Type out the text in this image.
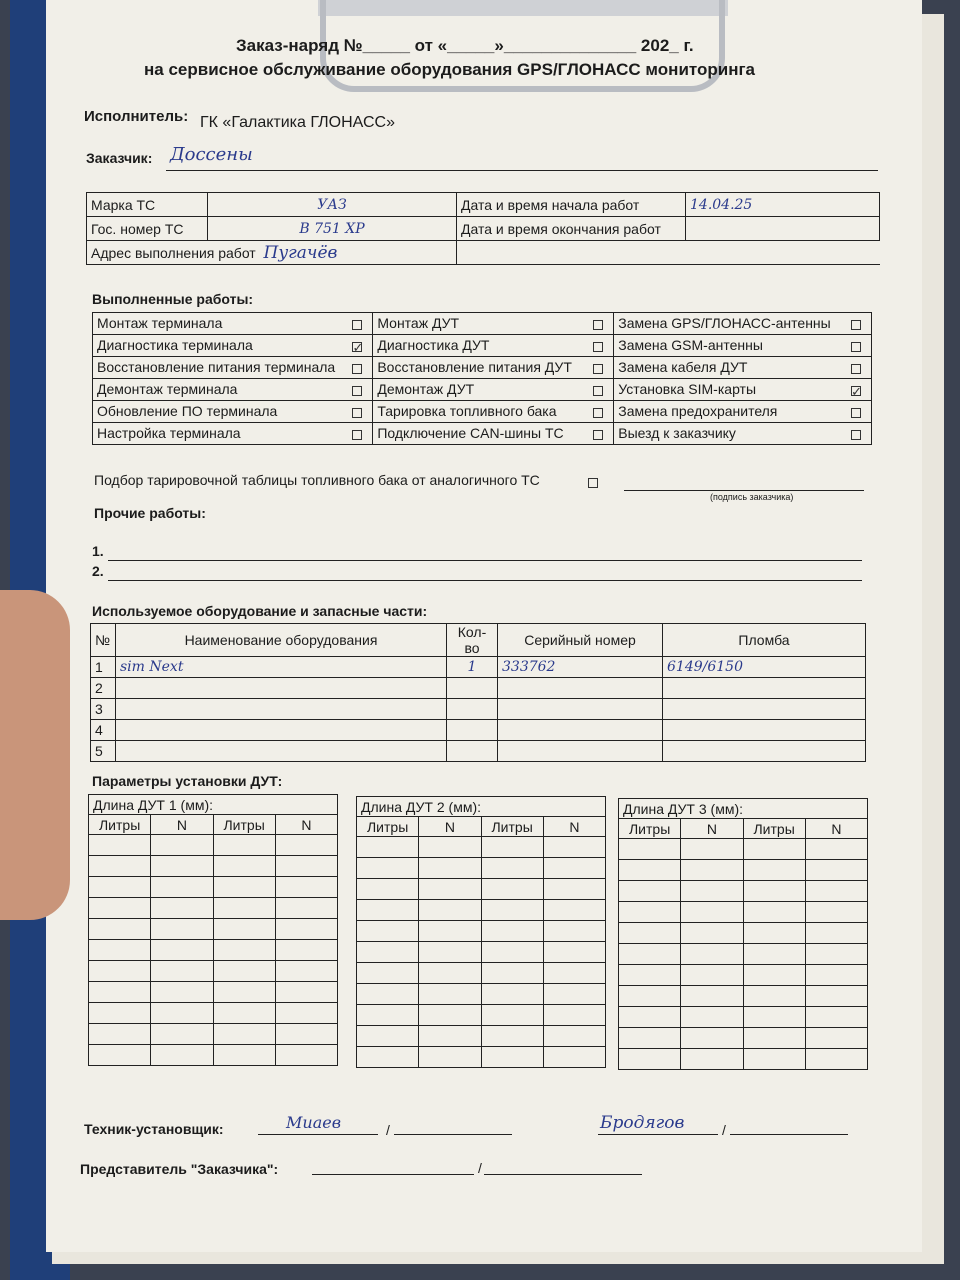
Заказ-наряд №_____ от «_____»______________ 202_ г.
на сервисное обслуживание оборудования GPS/ГЛОНАСС мониторинга
Исполнитель: ГК «Галактика ГЛОНАСС»
Заказчик: Доссены
Марка ТС	УАЗ	Дата и время начала работ	14.04.25
Гос. номер ТС	В 751 ХР	Дата и время окончания работ	
Адрес выполнения работ Пугачёв			
Выполненные работы:
Монтаж терминала	Монтаж ДУТ	Замена GPS/ГЛОНАСС-антенны

Диагностика терминала ✓	Диагностика ДУТ	Замена GSM-антенны

Восстановление питания терминала	Восстановление питания ДУТ	Замена кабеля ДУТ

Демонтаж терминала	Демонтаж ДУТ	Установка SIM-карты ✓

Обновление ПО терминала	Тарировка топливного бака	Замена предохранителя

Настройка терминала	Подключение CAN-шины ТС	Выезд к заказчику
Подбор тарировочной таблицы топливного бака от аналогичного ТС
(подпись заказчика)
Прочие работы:
1.
2.
Используемое оборудование и запасные части:
№	Наименование оборудования	Кол-во	Серийный номер	Пломба
1	sim Next	1	333762	6149/6150
2				
3				
4				
5				
Параметры установки ДУТ:
Длина ДУТ 1 (мм):			
Литры	N	Литры	N

Длина ДУТ 2 (мм):			
Литры	N	Литры	N

Длина ДУТ 3 (мм):			
Литры	N	Литры	N

Техник-установщик:	Миаев	/	Бродягов	/
Представитель "Заказчика":	/
